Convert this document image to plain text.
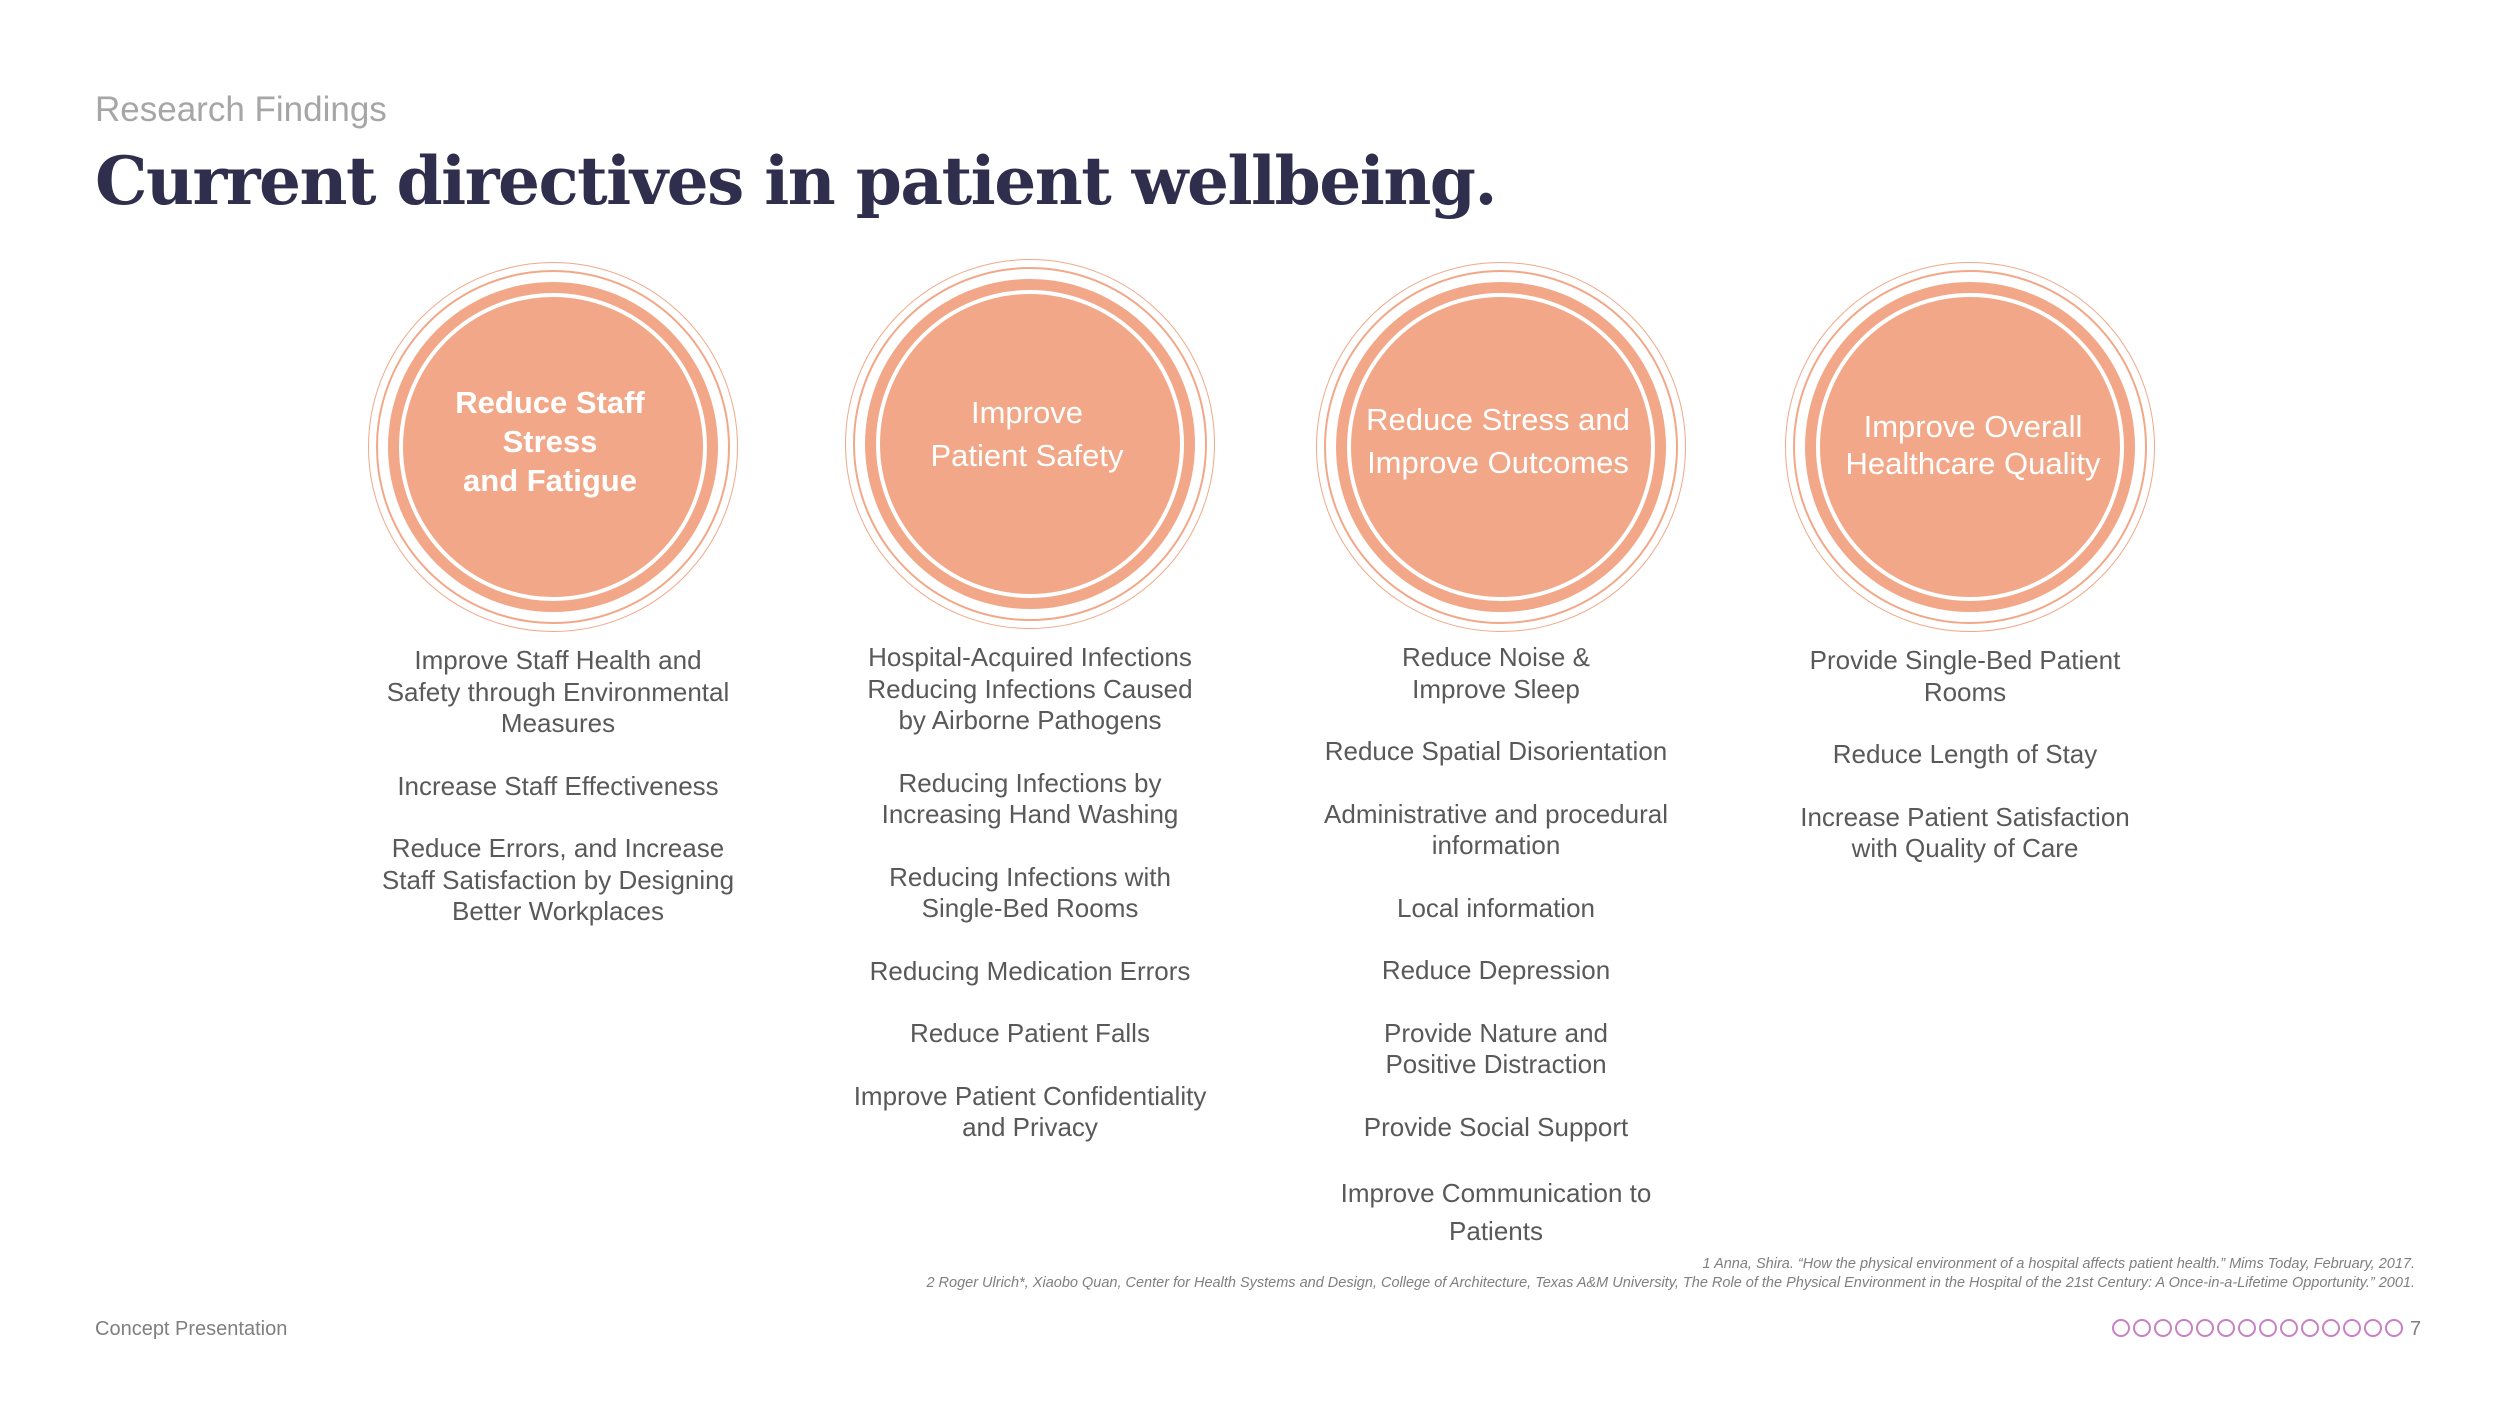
Research Findings
Current directives in patient wellbeing.
Reduce Staff
Stress
and Fatigue
Improve Staff Health and
Safety through Environmental
Measures
Increase Staff Effectiveness
Reduce Errors, and Increase
Staff Satisfaction by Designing
Better Workplaces
Improve
Patient Safety
Hospital-Acquired Infections
Reducing Infections Caused
by Airborne Pathogens
Reducing Infections by
Increasing Hand Washing
Reducing Infections with
Single-Bed Rooms
Reducing Medication Errors
Reduce Patient Falls
Improve Patient Confidentiality
and Privacy
Reduce Stress and
Improve Outcomes
Reduce Noise &
Improve Sleep
Reduce Spatial Disorientation
Administrative and procedural
information
Local information
Reduce Depression
Provide Nature and
Positive Distraction
Provide Social Support
Improve Communication to
Patients
Improve Overall
Healthcare Quality
Provide Single-Bed Patient
Rooms
Reduce Length of Stay
Increase Patient Satisfaction
with Quality of Care
1 Anna, Shira. “How the physical environment of a hospital affects patient health.” Mims Today, February, 2017.
2 Roger Ulrich*, Xiaobo Quan, Center for Health Systems and Design, College of Architecture, Texas A&M University, The Role of the Physical Environment in the Hospital of the 21st Century: A Once-in-a-Lifetime Opportunity.” 2001.
Concept Presentation	7
